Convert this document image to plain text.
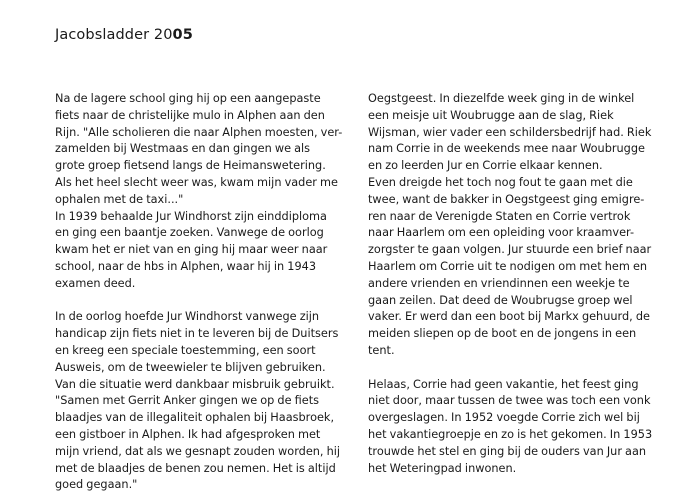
Jacobsladder 2005

Na de lagere school ging hij op een aangepaste
fiets naar de christelijke mulo in Alphen aan den
Rijn. "Alle scholieren die naar Alphen moesten, ver-
zamelden bij Westmaas en dan gingen we als
grote groep fietsend langs de Heimanswetering.
Als het heel slecht weer was, kwam mijn vader me
ophalen met de taxi..."
In 1939 behaalde Jur Windhorst zijn einddiploma
en ging een baantje zoeken. Vanwege de oorlog
kwam het er niet van en ging hij maar weer naar
school, naar de hbs in Alphen, waar hij in 1943
examen deed.

In de oorlog hoefde Jur Windhorst vanwege zijn
handicap zijn fiets niet in te leveren bij de Duitsers
en kreeg een speciale toestemming, een soort
Ausweis, om de tweewieler te blijven gebruiken.
Van die situatie werd dankbaar misbruik gebruikt.
"Samen met Gerrit Anker gingen we op de fiets
blaadjes van de illegaliteit ophalen bij Haasbroek,
een gistboer in Alphen. Ik had afgesproken met
mijn vriend, dat als we gesnapt zouden worden, hij
met de blaadjes de benen zou nemen. Het is altijd
goed gegaan."

Oegstgeest. In diezelfde week ging in de winkel
een meisje uit Woubrugge aan de slag, Riek
Wijsman, wier vader een schildersbedrijf had. Riek
nam Corrie in de weekends mee naar Woubrugge
en zo leerden Jur en Corrie elkaar kennen.
Even dreigde het toch nog fout te gaan met die
twee, want de bakker in Oegstgeest ging emigre-
ren naar de Verenigde Staten en Corrie vertrok
naar Haarlem om een opleiding voor kraamver-
zorgster te gaan volgen. Jur stuurde een brief naar
Haarlem om Corrie uit te nodigen om met hem en
andere vrienden en vriendinnen een weekje te
gaan zeilen. Dat deed de Woubrugse groep wel
vaker. Er werd dan een boot bij Markx gehuurd, de
meiden sliepen op de boot en de jongens in een
tent.

Helaas, Corrie had geen vakantie, het feest ging
niet door, maar tussen de twee was toch een vonk
overgeslagen. In 1952 voegde Corrie zich wel bij
het vakantiegroepje en zo is het gekomen. In 1953
trouwde het stel en ging bij de ouders van Jur aan
het Weteringpad inwonen.
